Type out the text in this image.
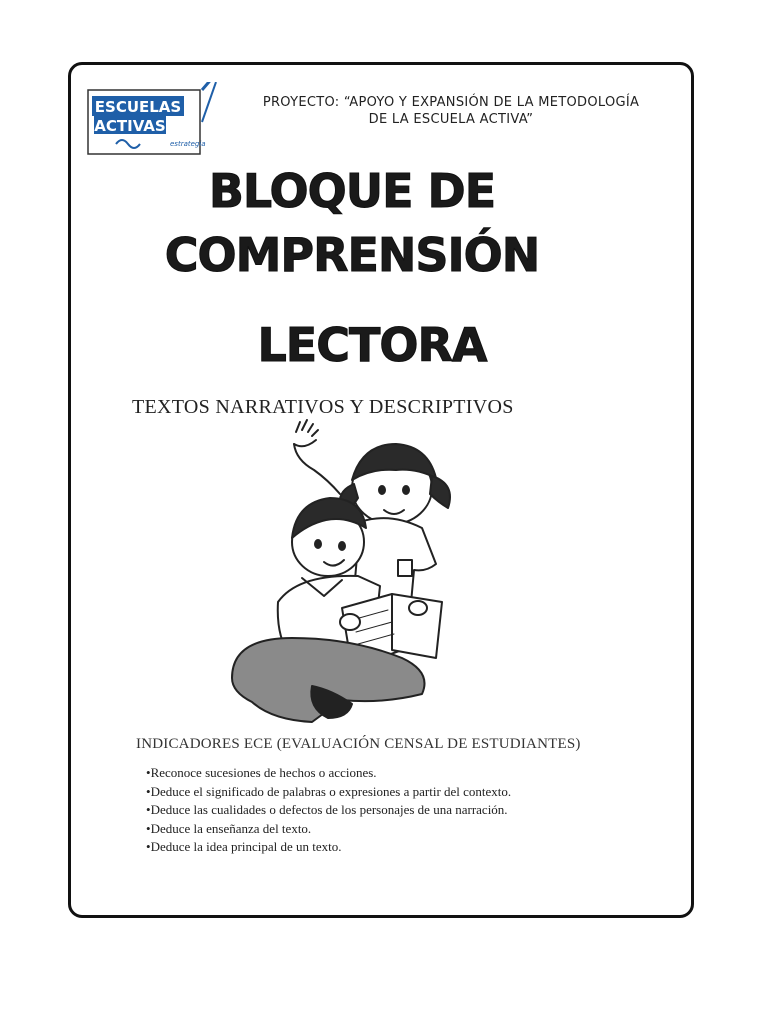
ESCUELAS
ACTIVAS
estrategia
PROYECTO: “APOYO Y EXPANSIÓN DE LA METODOLOGÍA
DE LA ESCUELA ACTIVA”
BLOQUE DE
COMPRENSIÓN
LECTORA
TEXTOS NARRATIVOS Y DESCRIPTIVOS
INDICADORES ECE (EVALUACIÓN CENSAL DE ESTUDIANTES)
• Reconoce sucesiones de hechos o acciones.
• Deduce el significado de palabras o expresiones a partir del contexto.
• Deduce las cualidades o defectos de los personajes de una narración.
• Deduce la enseñanza del texto.
• Deduce la idea principal de un texto.
